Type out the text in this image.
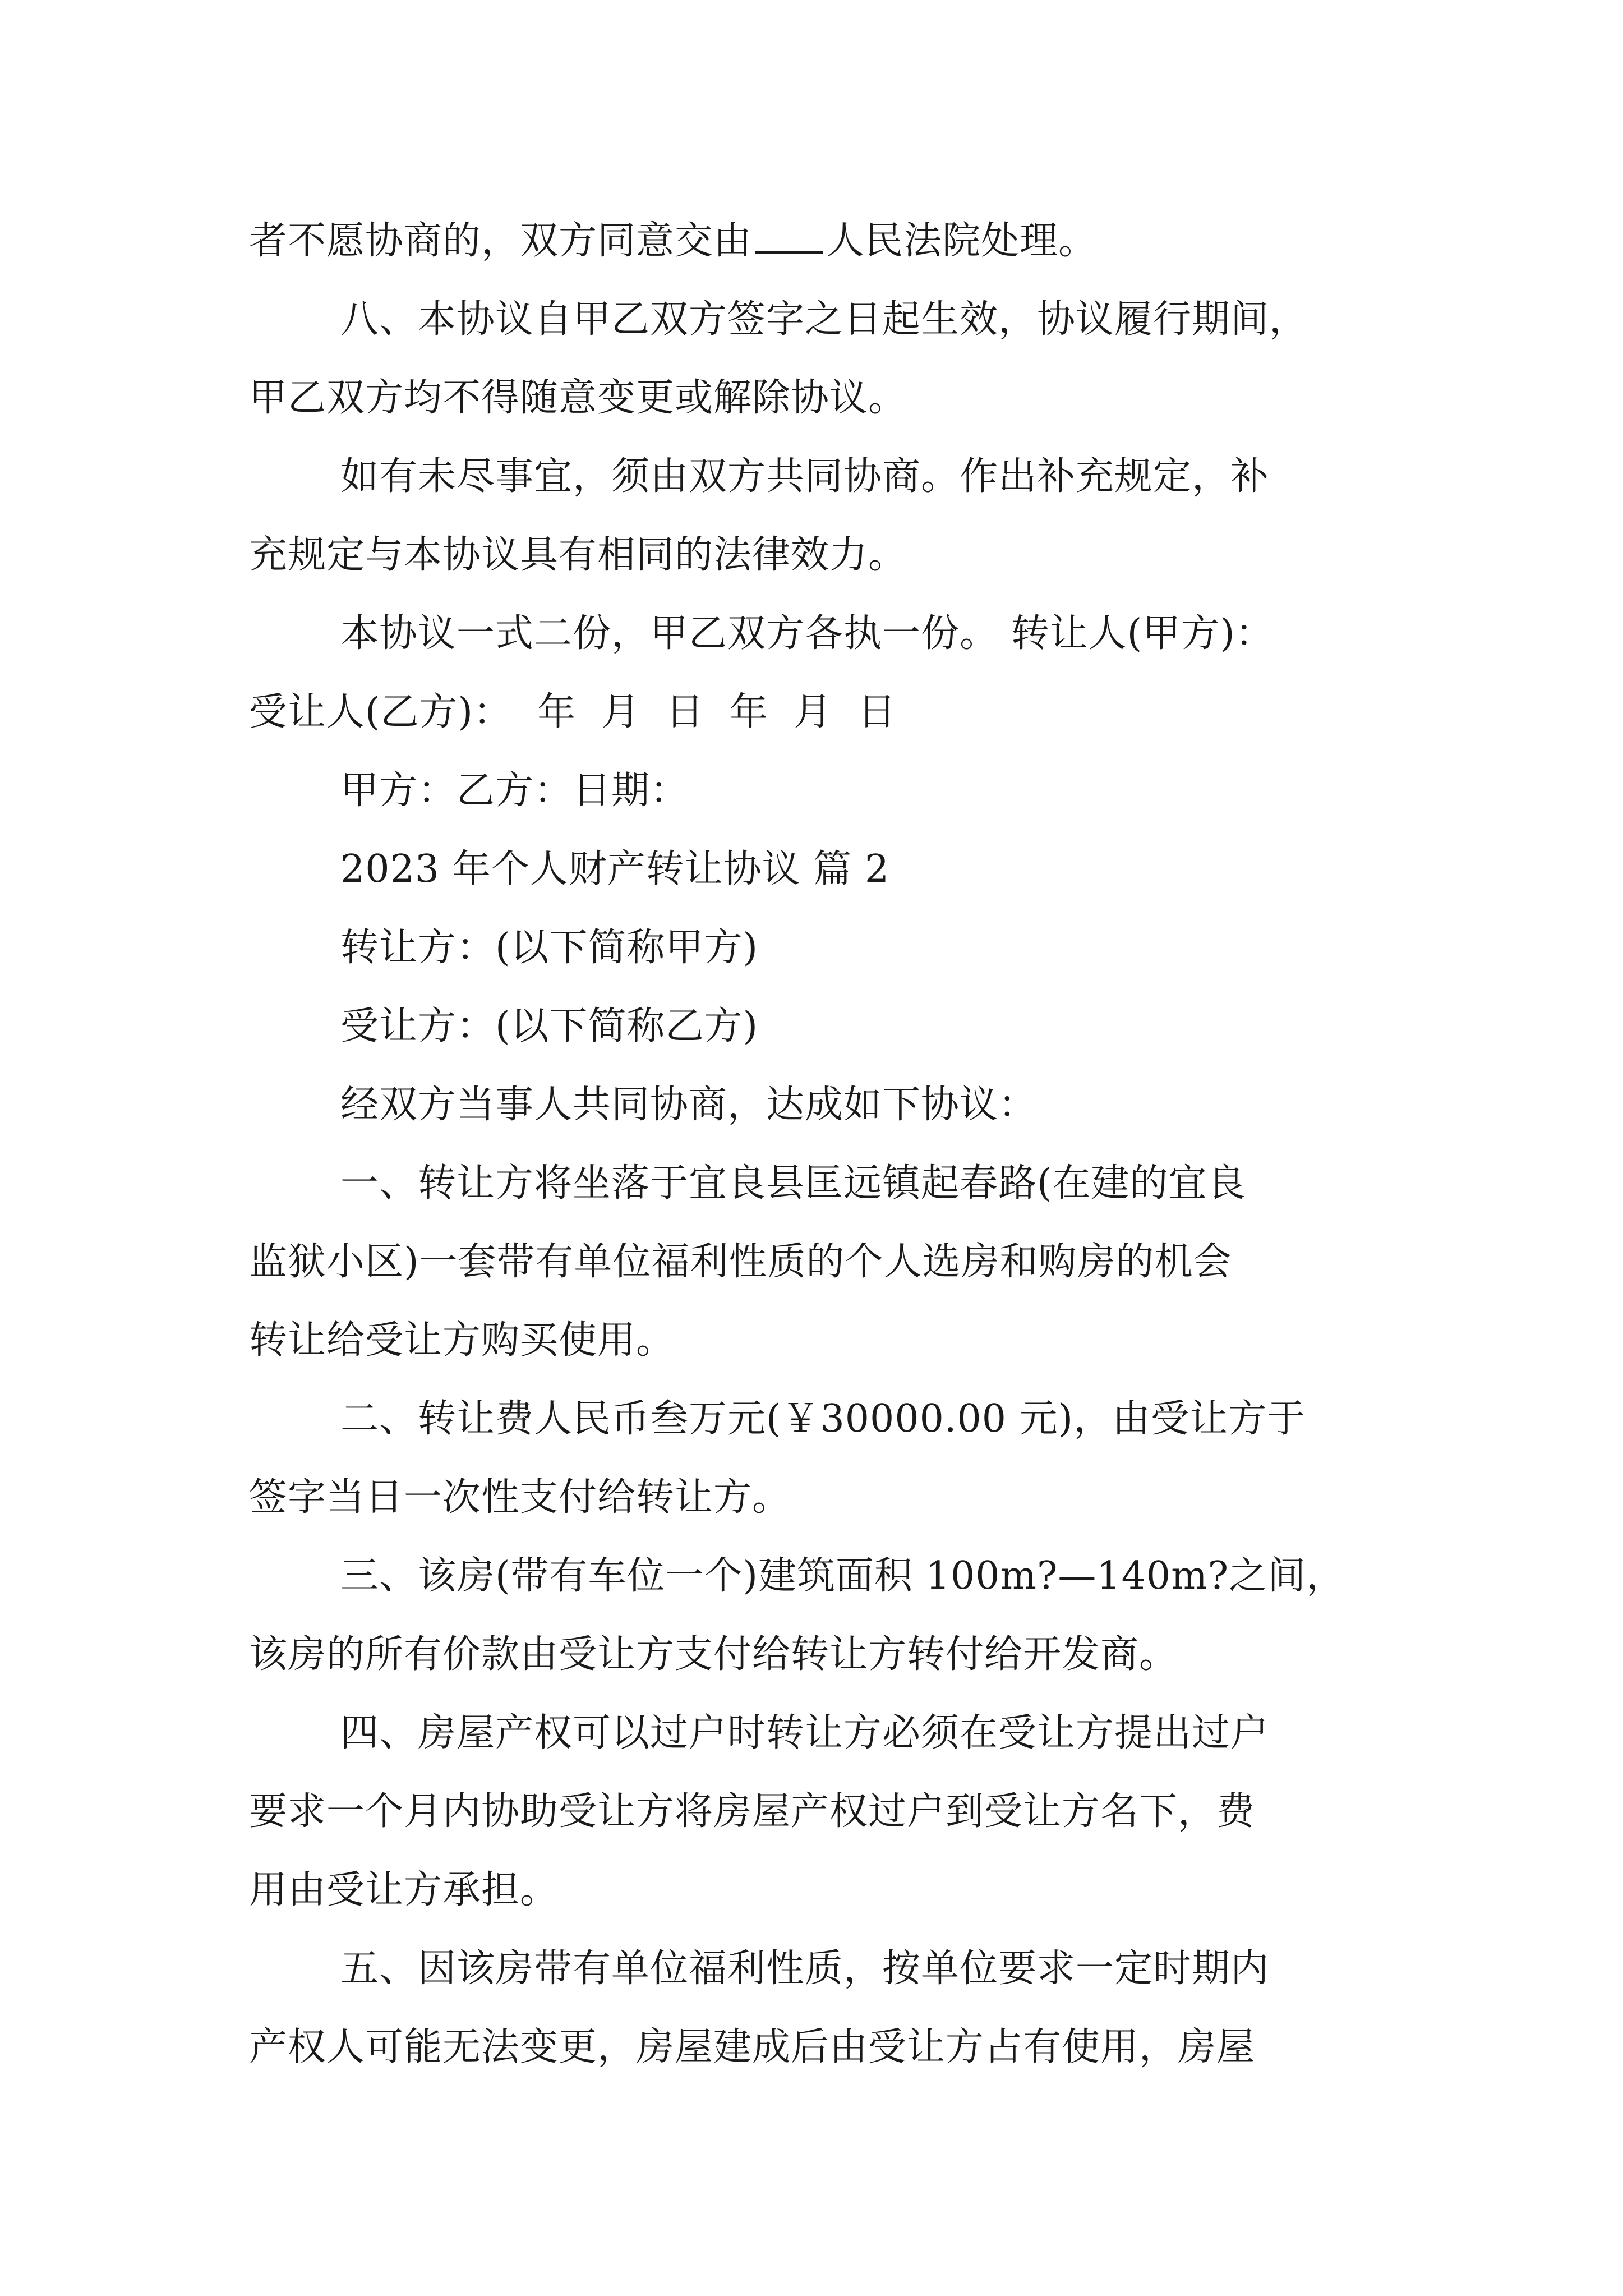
者不愿协商的，双方同意交由 人民法院处理。
八、本协议自甲乙双方签字之日起生效，协议履行期间，
甲乙双方均不得随意变更或解除协议。
如有未尽事宜，须由双方共同协商。作出补充规定，补
充规定与本协议具有相同的法律效力。
本协议一式二份，甲乙双方各执一份。 转让人(甲方)：
受让人(乙方)：  年  月  日  年  月  日
甲方：乙方：日期：
2023 年个人财产转让协议 篇 2
转让方：(以下简称甲方)
受让方：(以下简称乙方)
经双方当事人共同协商，达成如下协议：
一、转让方将坐落于宜良县匡远镇起春路(在建的宜良
监狱小区)一套带有单位福利性质的个人选房和购房的机会
转让给受让方购买使用。
二、转让费人民币叁万元(￥30000.00 元)，由受让方于
签字当日一次性支付给转让方。
三、该房(带有车位一个)建筑面积 100m?—140m?之间，
该房的所有价款由受让方支付给转让方转付给开发商。
四、房屋产权可以过户时转让方必须在受让方提出过户
要求一个月内协助受让方将房屋产权过户到受让方名下，费
用由受让方承担。
五、因该房带有单位福利性质，按单位要求一定时期内
产权人可能无法变更，房屋建成后由受让方占有使用，房屋
